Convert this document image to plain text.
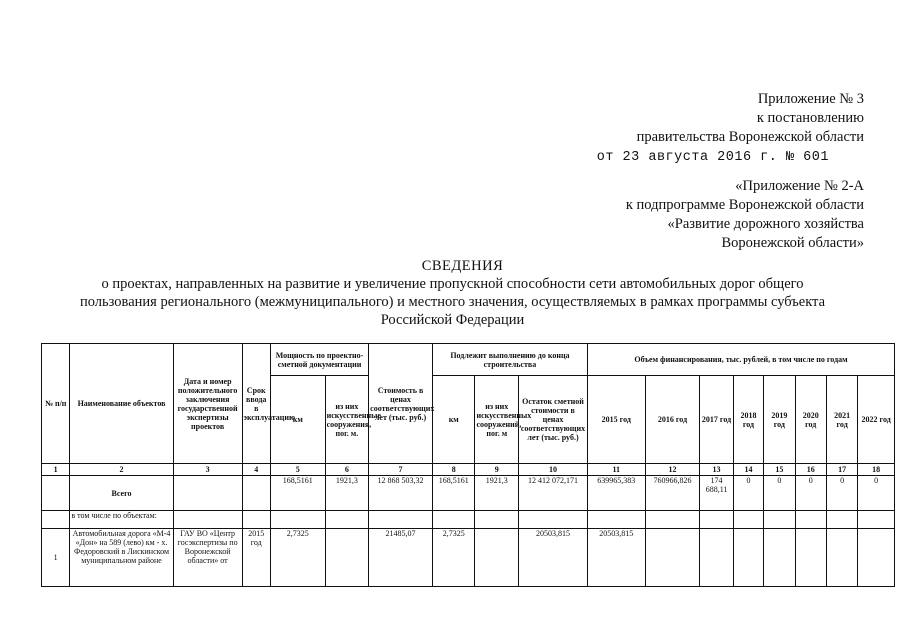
Приложение № 3
к постановлению
правительства Воронежской области
от 23 августа 2016 г. № 601
«Приложение № 2-А
к подпрограмме Воронежской области
«Развитие дорожного хозяйства
Воронежской области»
СВЕДЕНИЯ
о проектах, направленных на развитие и увеличение пропускной способности сети автомобильных дорог общего
пользования регионального (межмуниципального) и местного значения, осуществляемых в рамках программы субъекта
Российской Федерации
№ п/п	Наименование объектов	Дата и номер положительного заключения государственной экспертизы проектов	Срок ввода в эксплуатацию	Мощность по проектно-сметной документации		Стоимость в ценах соответствующих лет (тыс. руб.)	Подлежит выполнению до конца строительства			Объем финансирования, тыс. рублей, в том числе по годам							
				км	из них искусственные сооружения, пог. м.		км	из них искусственных сооружений, пог. м	Остаток сметной стоимости в ценах соответствующих лет (тыс. руб.)	2015 год	2016 год	2017 год	2018 год	2019 год	2020 год	2021 год	2022 год
1	2	3	4	5	6	7	8	9	10	11	12	13	14	15	16	17	18
	Всего			168,5161	1921,3	12 868 503,32	168,5161	1921,3	12 412 072,171	639965,383	760966,826	174 688,11	0	0	0	0	0
	в том числе по объектам:																
1	Автомобильная дорога «М-4 «Дон» на 589 (лево) км - х. Федоровский в Лискинском муниципальном районе	ГАУ ВО «Центр госэкспертизы по Воронежской области» от	2015 год	2,7325		21485,07	2,7325		20503,815	20503,815							
